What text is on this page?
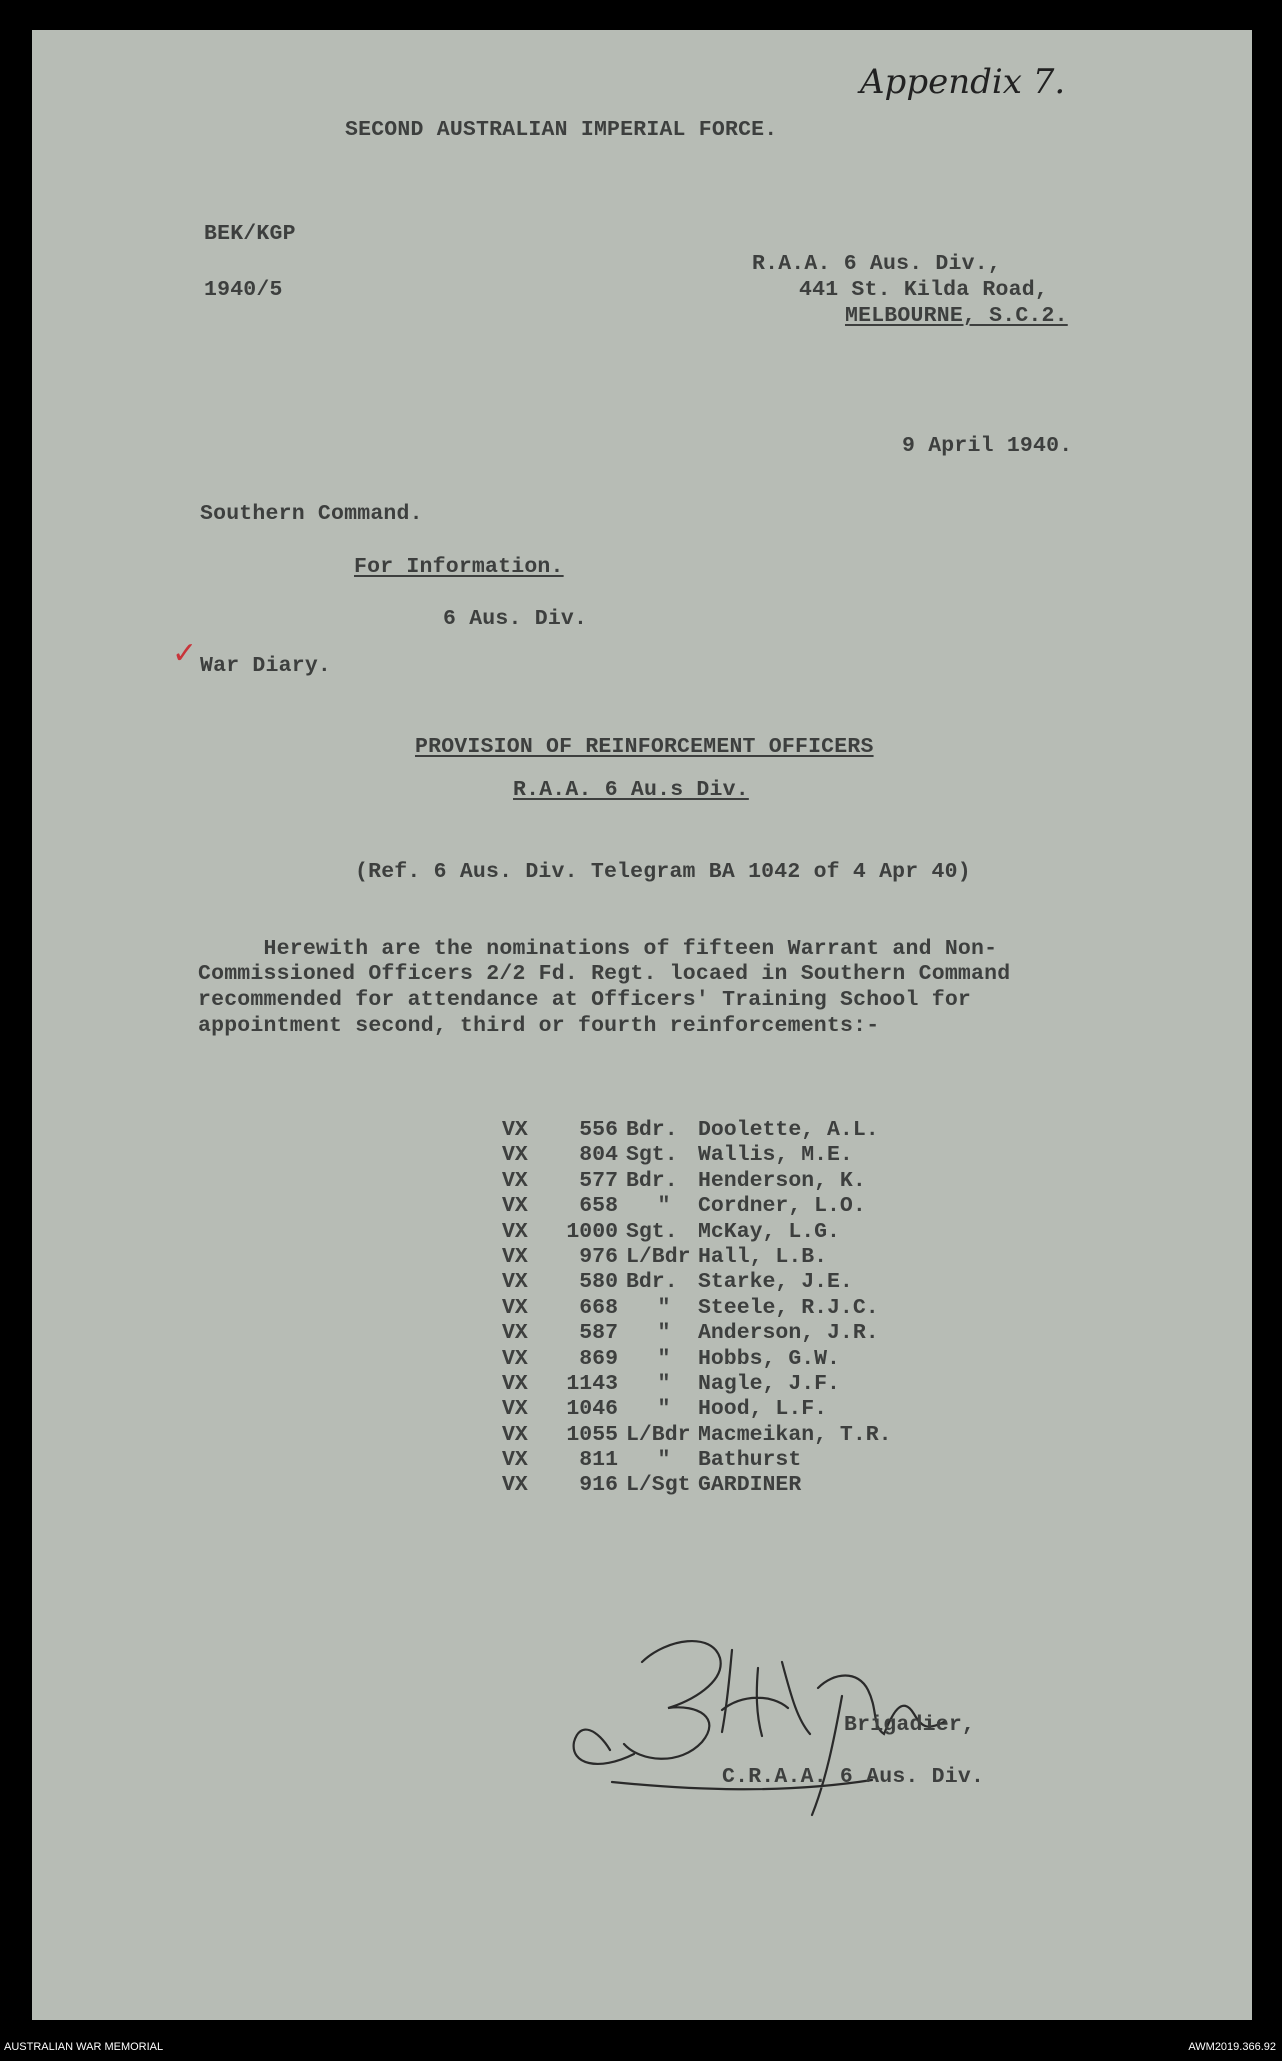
Appendix 7.
SECOND AUSTRALIAN IMPERIAL FORCE.
BEK/KGP
1940/5
R.A.A. 6 Aus. Div.,
441 St. Kilda Road,
MELBOURNE, S.C.2.
9 April 1940.
Southern Command.
For Information.
6 Aus. Div.
✓ War Diary.
PROVISION OF REINFORCEMENT OFFICERS
R.A.A. 6 Au.s Div.
(Ref. 6 Aus. Div. Telegram BA 1042 of 4 Apr 40)
Herewith are the nominations of fifteen Warrant and Non-
Commissioned Officers 2/2 Fd. Regt. locaed in Southern Command
recommended for attendance at Officers' Training School for
appointment second, third or fourth reinforcements:-
VX	556 Bdr. Doolette, A.L.
VX	804 Sgt. Wallis, M.E.
VX	577 Bdr. Henderson, K.
VX	658	"	Cordner, L.O.
VX	1000 Sgt. McKay, L.G.
VX	976 L/Bdr Hall, L.B.
VX	580 Bdr. Starke, J.E.
VX	668	"	Steele, R.J.C.
VX	587	"	Anderson, J.R.
VX	869	"	Hobbs, G.W.
VX	1143	"	Nagle, J.F.
VX	1046	"	Hood, L.F.
VX	1055 L/Bdr Macmeikan, T.R.
VX	811	"	Bathurst
VX	916 L/Sgt GARDINER
Brigadier,
C.R.A.A. 6 Aus. Div.
AUSTRALIAN WAR MEMORIAL	AWM2019.366.92
